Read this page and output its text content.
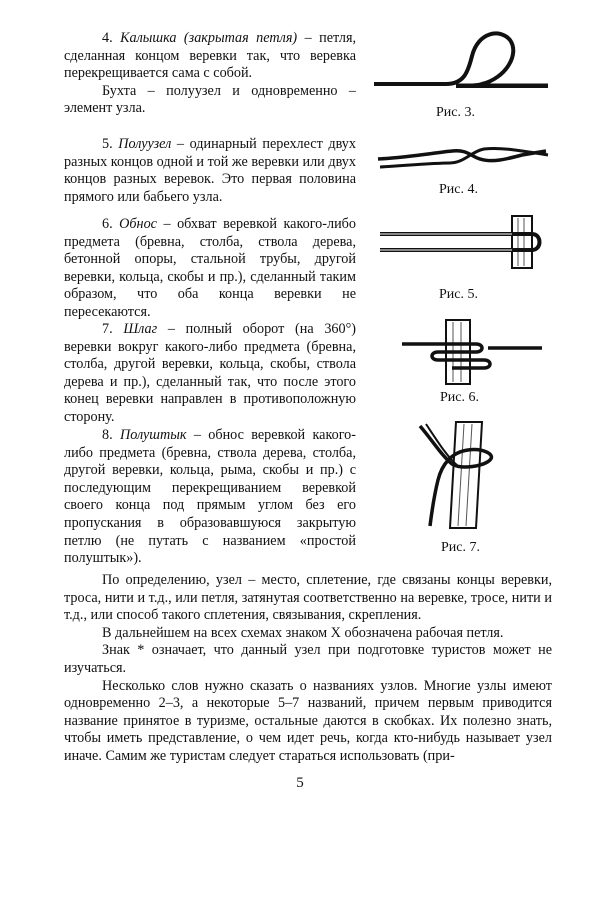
4. Калышка (закрытая петля) – петля, сделанная концом веревки так, что веревка перекрещивается сама с собой.

Бухта – полуузел и одновременно – элемент узла.

5. Полуузел – одинарный перехлест двух разных концов одной и той же веревки или двух концов разных веревок. Это первая половина прямого или бабьего узла.

6. Обнос – обхват веревкой какого-либо предмета (бревна, столба, ствола дерева, бетонной опоры, стальной трубы, другой веревки, кольца, скобы и пр.), сделанный таким образом, что оба конца веревки не пересекаются.

7. Шлаг – полный оборот (на 360°) веревки вокруг какого-либо предмета (бревна, столба, другой веревки, кольца, скобы, ствола дерева и пр.), сделанный так, что после этого конец веревки направлен в противоположную сторону.

8. Полуштык – обнос веревкой какого-либо предмета (бревна, ствола дерева, столба, другой веревки, кольца, рыма, скобы и пр.) с последующим перекрещиванием веревкой своего конца под прямым углом без его пропускания в образовавшуюся закрытую петлю (не путать с названием «простой полуштык»).

Рис. 3.
Рис. 4.
Рис. 5.
Рис. 6.
Рис. 7.

По определению, узел – место, сплетение, где связаны концы веревки, троса, нити и т.д., или петля, затянутая соответственно на веревке, тросе, нити и т.д., или способ такого сплетения, связывания, скрепления.

В дальнейшем на всех схемах знаком Х обозначена рабочая петля.

Знак * означает, что данный узел при подготовке туристов может не изучаться.

Несколько слов нужно сказать о названиях узлов. Многие узлы имеют одновременно 2–3, а некоторые 5–7 названий, причем первым приводится название принятое в туризме, остальные даются в скобках. Их полезно знать, чтобы иметь представление, о чем идет речь, когда кто-нибудь называет узел иначе. Самим же туристам следует стараться использовать (при-

5
